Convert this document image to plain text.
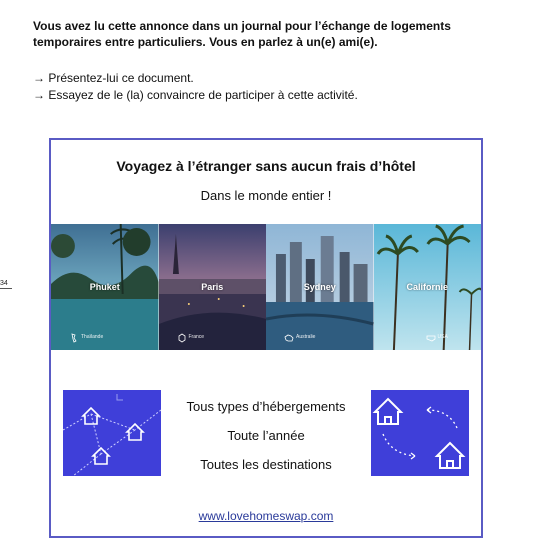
Vous avez lu cette annonce dans un journal pour l’échange de logements
temporaires entre particuliers. Vous en parlez à un(e) ami(e).
→ Présentez-lui ce document.
→ Essayez de le (la) convaincre de participer à cette activité.
34
Voyagez à l’étranger sans aucun frais d’hôtel
Dans le monde entier !
Phuket
Thaïlande
Paris
France
Sydney
Australie
Californie
USA
Tous types d’hébergements
Toute l’année
Toutes les destinations
www.lovehomeswap.com
